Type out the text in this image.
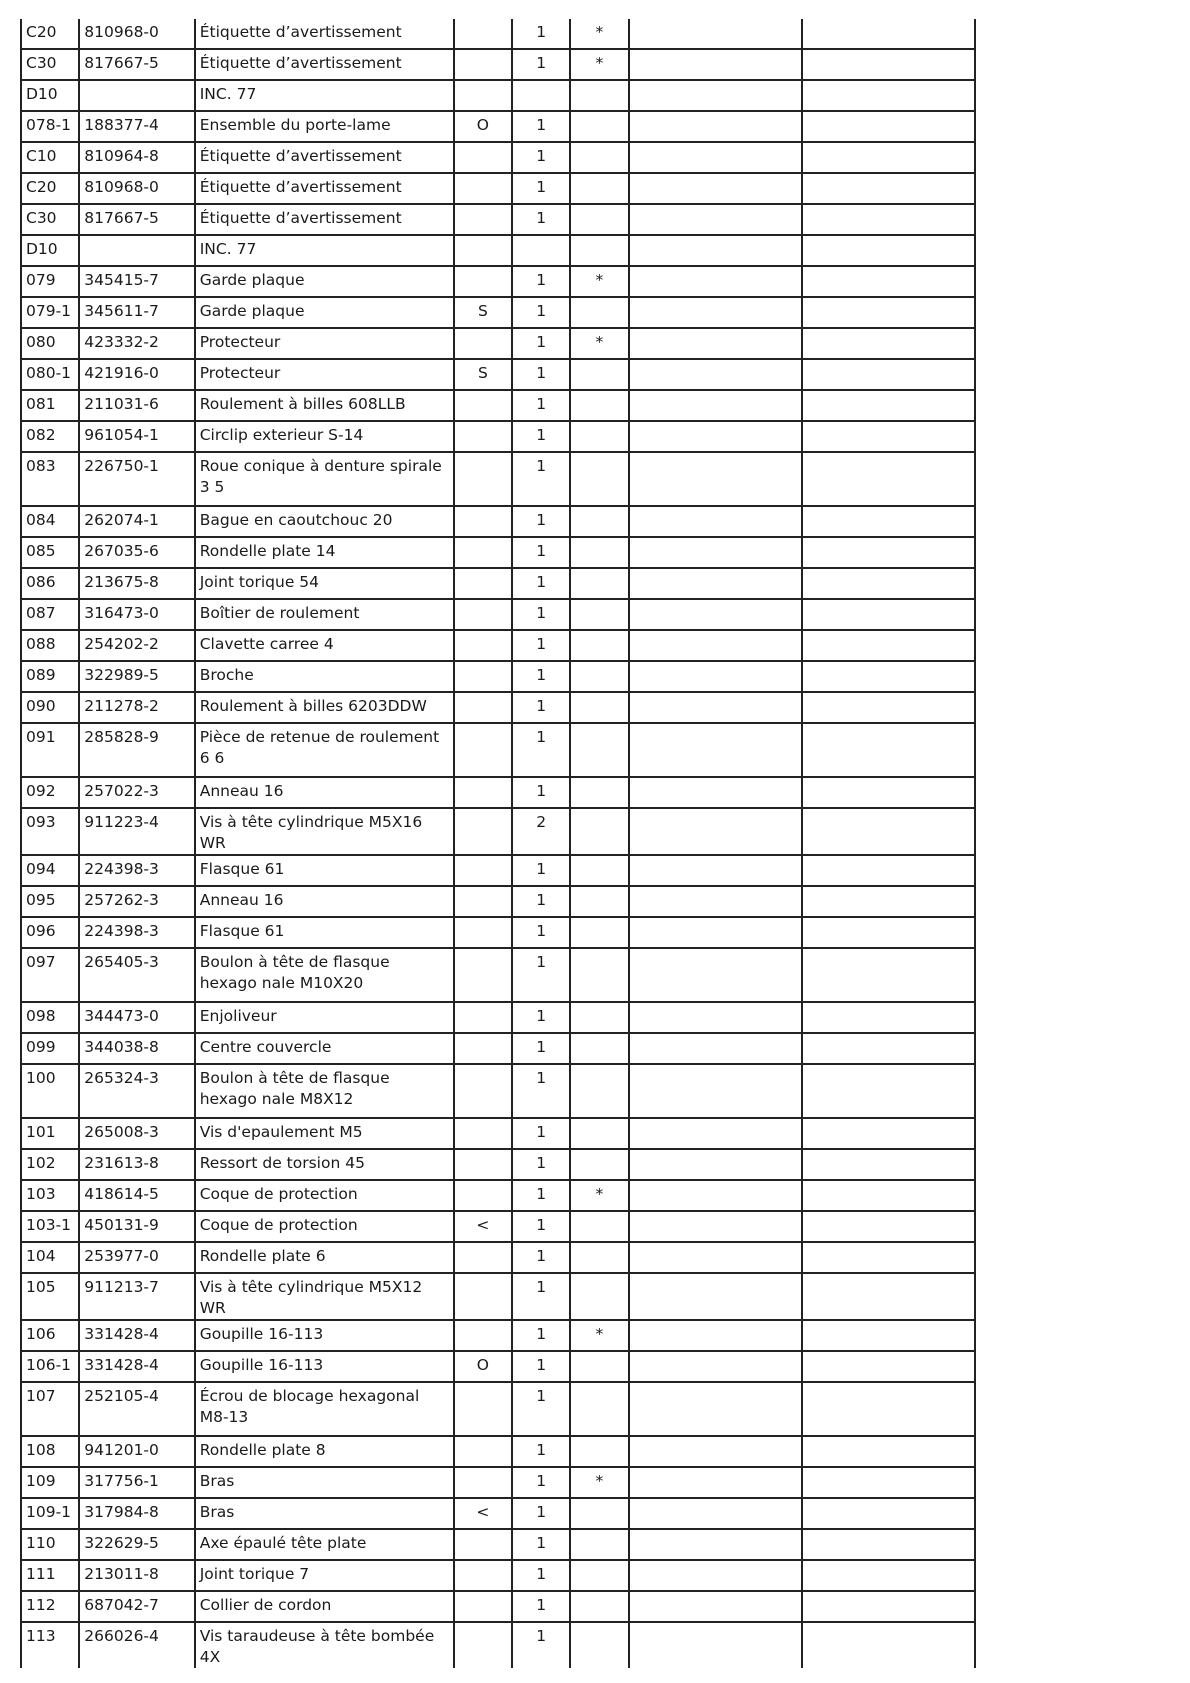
C20	810968-0	Étiquette d’avertissement		1	*		
C30	817667-5	Étiquette d’avertissement		1	*		
D10		INC. 77					
078-1	188377-4	Ensemble du porte-lame	O	1			
C10	810964-8	Étiquette d’avertissement		1			
C20	810968-0	Étiquette d’avertissement		1			
C30	817667-5	Étiquette d’avertissement		1			
D10		INC. 77					
079	345415-7	Garde plaque		1	*		
079-1	345611-7	Garde plaque	S	1			
080	423332-2	Protecteur		1	*		
080-1	421916-0	Protecteur	S	1			
081	211031-6	Roulement à billes 608LLB		1			
082	961054-1	Circlip exterieur S-14		1			
083	226750-1	Roue conique à denture spirale 3 5		1			
084	262074-1	Bague en caoutchouc 20		1			
085	267035-6	Rondelle plate 14		1			
086	213675-8	Joint torique 54		1			
087	316473-0	Boîtier de roulement		1			
088	254202-2	Clavette carree 4		1			
089	322989-5	Broche		1			
090	211278-2	Roulement à billes 6203DDW		1			
091	285828-9	Pièce de retenue de roulement 6 6		1			
092	257022-3	Anneau 16		1			
093	911223-4	Vis à tête cylindrique M5X16 WR		2			
094	224398-3	Flasque 61		1			
095	257262-3	Anneau 16		1			
096	224398-3	Flasque 61		1			
097	265405-3	Boulon à tête de flasque hexago nale M10X20		1			
098	344473-0	Enjoliveur		1			
099	344038-8	Centre couvercle		1			
100	265324-3	Boulon à tête de flasque hexago nale M8X12		1			
101	265008-3	Vis d'epaulement M5		1			
102	231613-8	Ressort de torsion 45		1			
103	418614-5	Coque de protection		1	*		
103-1	450131-9	Coque de protection	<	1			
104	253977-0	Rondelle plate 6		1			
105	911213-7	Vis à tête cylindrique M5X12 WR		1			
106	331428-4	Goupille 16-113		1	*		
106-1	331428-4	Goupille 16-113	O	1			
107	252105-4	Écrou de blocage hexagonal M8-13		1			
108	941201-0	Rondelle plate 8		1			
109	317756-1	Bras		1	*		
109-1	317984-8	Bras	<	1			
110	322629-5	Axe épaulé tête plate		1			
111	213011-8	Joint torique 7		1			
112	687042-7	Collier de cordon		1			
113	266026-4	Vis taraudeuse à tête bombée 4X		1			
